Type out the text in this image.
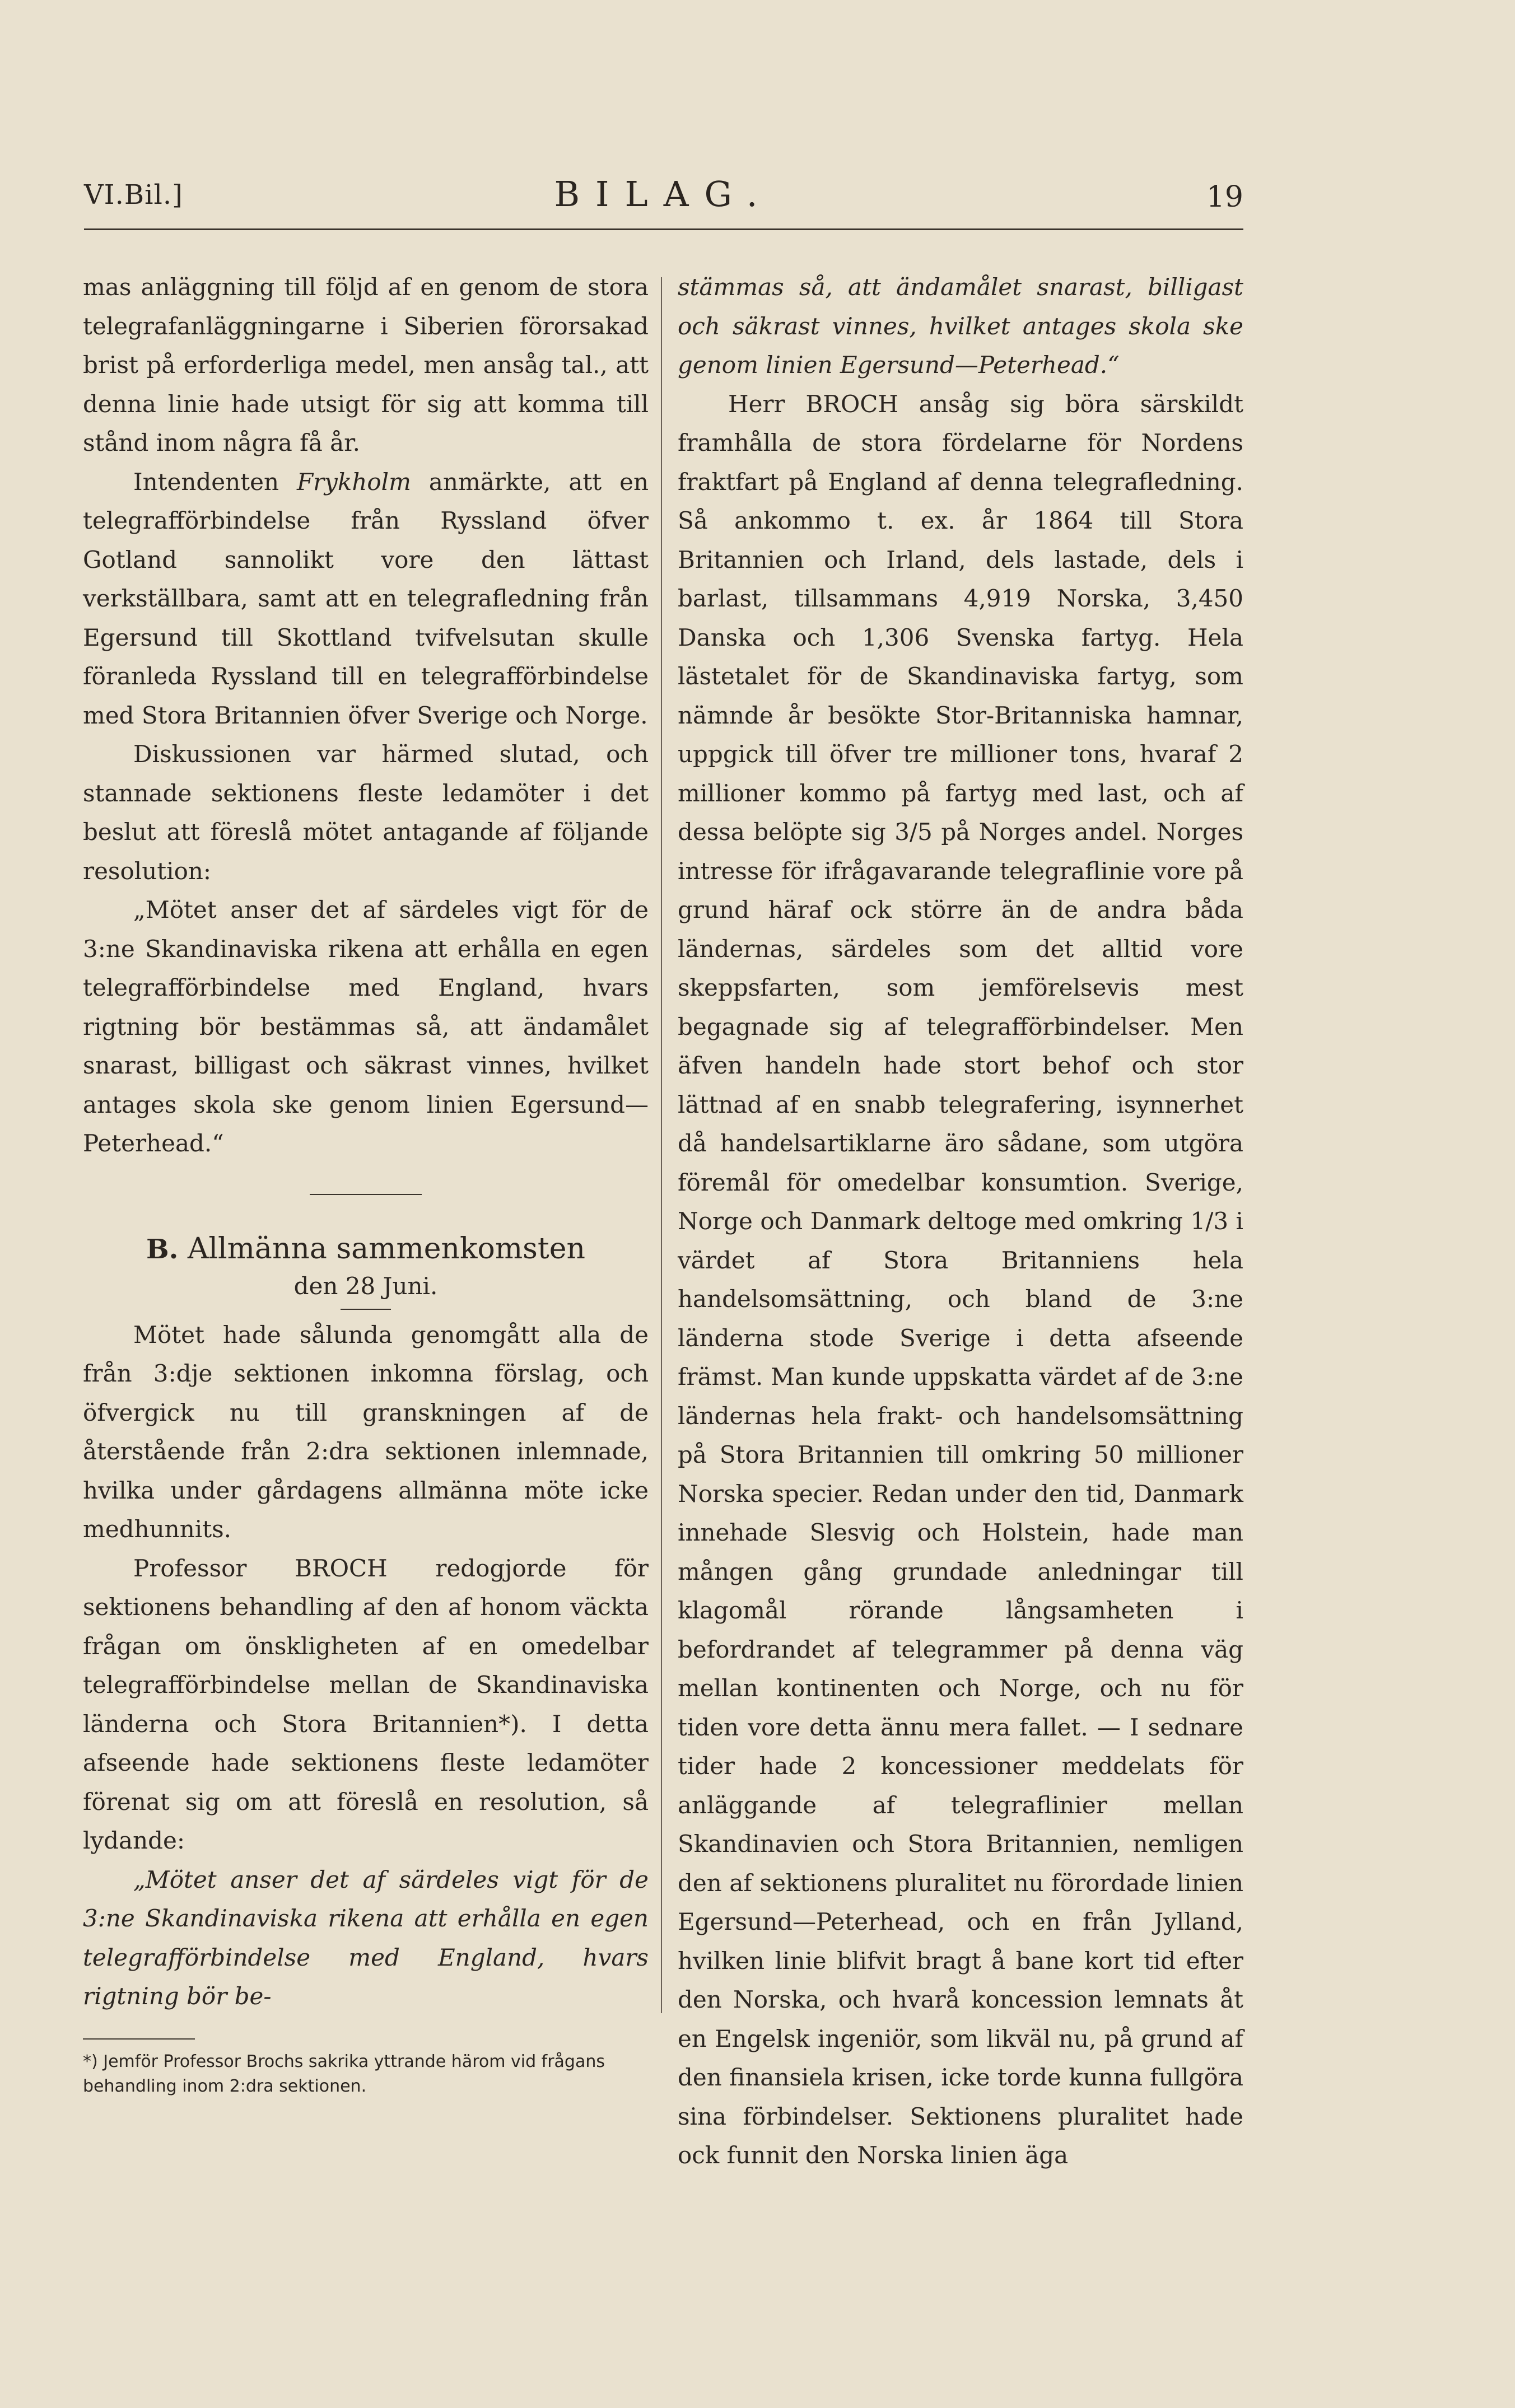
VI.Bil.]	BILAG.	19

mas anläggning till följd af en genom de stora telegrafanläggningarne i Siberien förorsakad brist på erforderliga medel, men ansåg tal., att denna linie hade utsigt för sig att komma till stånd inom några få år.

Intendenten Frykholm anmärkte, att en telegrafförbindelse från Ryssland öfver Gotland sannolikt vore den lättast verkställbara, samt att en telegrafledning från Egersund till Skottland tvifvelsutan skulle föranleda Ryssland till en telegrafförbindelse med Stora Britannien öfver Sverige och Norge.

Diskussionen var härmed slutad, och stannade sektionens fleste ledamöter i det beslut att föreslå mötet antagande af följande resolution:

„Mötet anser det af särdeles vigt för de 3:ne Skandinaviska rikena att erhålla en egen telegrafförbindelse med England, hvars rigtning bör bestämmas så, att ändamålet snarast, billigast och säkrast vinnes, hvilket antages skola ske genom linien Egersund—Peterhead.“

B. Allmänna sammenkomsten
den 28 Juni.

Mötet hade sålunda genomgått alla de från 3:dje sektionen inkomna förslag, och öfvergick nu till granskningen af de återstående från 2:dra sektionen inlemnade, hvilka under gårdagens allmänna möte icke medhunnits.

Professor BROCH redogjorde för sektionens behandling af den af honom väckta frågan om önskligheten af en omedelbar telegrafförbindelse mellan de Skandinaviska länderna och Stora Britannien*). I detta afseende hade sektionens fleste ledamöter förenat sig om att föreslå en resolution, så lydande:

„Mötet anser det af särdeles vigt för de 3:ne Skandinaviska rikena att erhålla en egen telegrafförbindelse med England, hvars rigtning bör be-

*) Jemför Professor Brochs sakrika yttrande härom vid frågans behandling inom 2:dra sektionen.

stämmas så, att ändamålet snarast, billigast och säkrast vinnes, hvilket antages skola ske genom linien Egersund—Peterhead.“

Herr BROCH ansåg sig böra särskildt framhålla de stora fördelarne för Nordens fraktfart på England af denna telegrafledning. Så ankommo t. ex. år 1864 till Stora Britannien och Irland, dels lastade, dels i barlast, tillsammans 4,919 Norska, 3,450 Danska och 1,306 Svenska fartyg. Hela lästetalet för de Skandinaviska fartyg, som nämnde år besökte Stor-Britanniska hamnar, uppgick till öfver tre millioner tons, hvaraf 2 millioner kommo på fartyg med last, och af dessa belöpte sig 3/5 på Norges andel. Norges intresse för ifrågavarande telegraflinie vore på grund häraf ock större än de andra båda ländernas, särdeles som det alltid vore skeppsfarten, som jemförelsevis mest begagnade sig af telegrafförbindelser. Men äfven handeln hade stort behof och stor lättnad af en snabb telegrafering, isynnerhet då handelsartiklarne äro sådane, som utgöra föremål för omedelbar konsumtion. Sverige, Norge och Danmark deltoge med omkring 1/3 i värdet af Stora Britanniens hela handelsomsättning, och bland de 3:ne länderna stode Sverige i detta afseende främst. Man kunde uppskatta värdet af de 3:ne ländernas hela frakt- och handelsomsättning på Stora Britannien till omkring 50 millioner Norska specier. Redan under den tid, Danmark innehade Slesvig och Holstein, hade man mången gång grundade anledningar till klagomål rörande långsamheten i befordrandet af telegrammer på denna väg mellan kontinenten och Norge, och nu för tiden vore detta ännu mera fallet. — I sednare tider hade 2 koncessioner meddelats för anläggande af telegraflinier mellan Skandinavien och Stora Britannien, nemligen den af sektionens pluralitet nu förordade linien Egersund—Peterhead, och en från Jylland, hvilken linie blifvit bragt å bane kort tid efter den Norska, och hvarå koncession lemnats åt en Engelsk ingeniör, som likväl nu, på grund af den finansiela krisen, icke torde kunna fullgöra sina förbindelser. Sektionens pluralitet hade ock funnit den Norska linien äga
